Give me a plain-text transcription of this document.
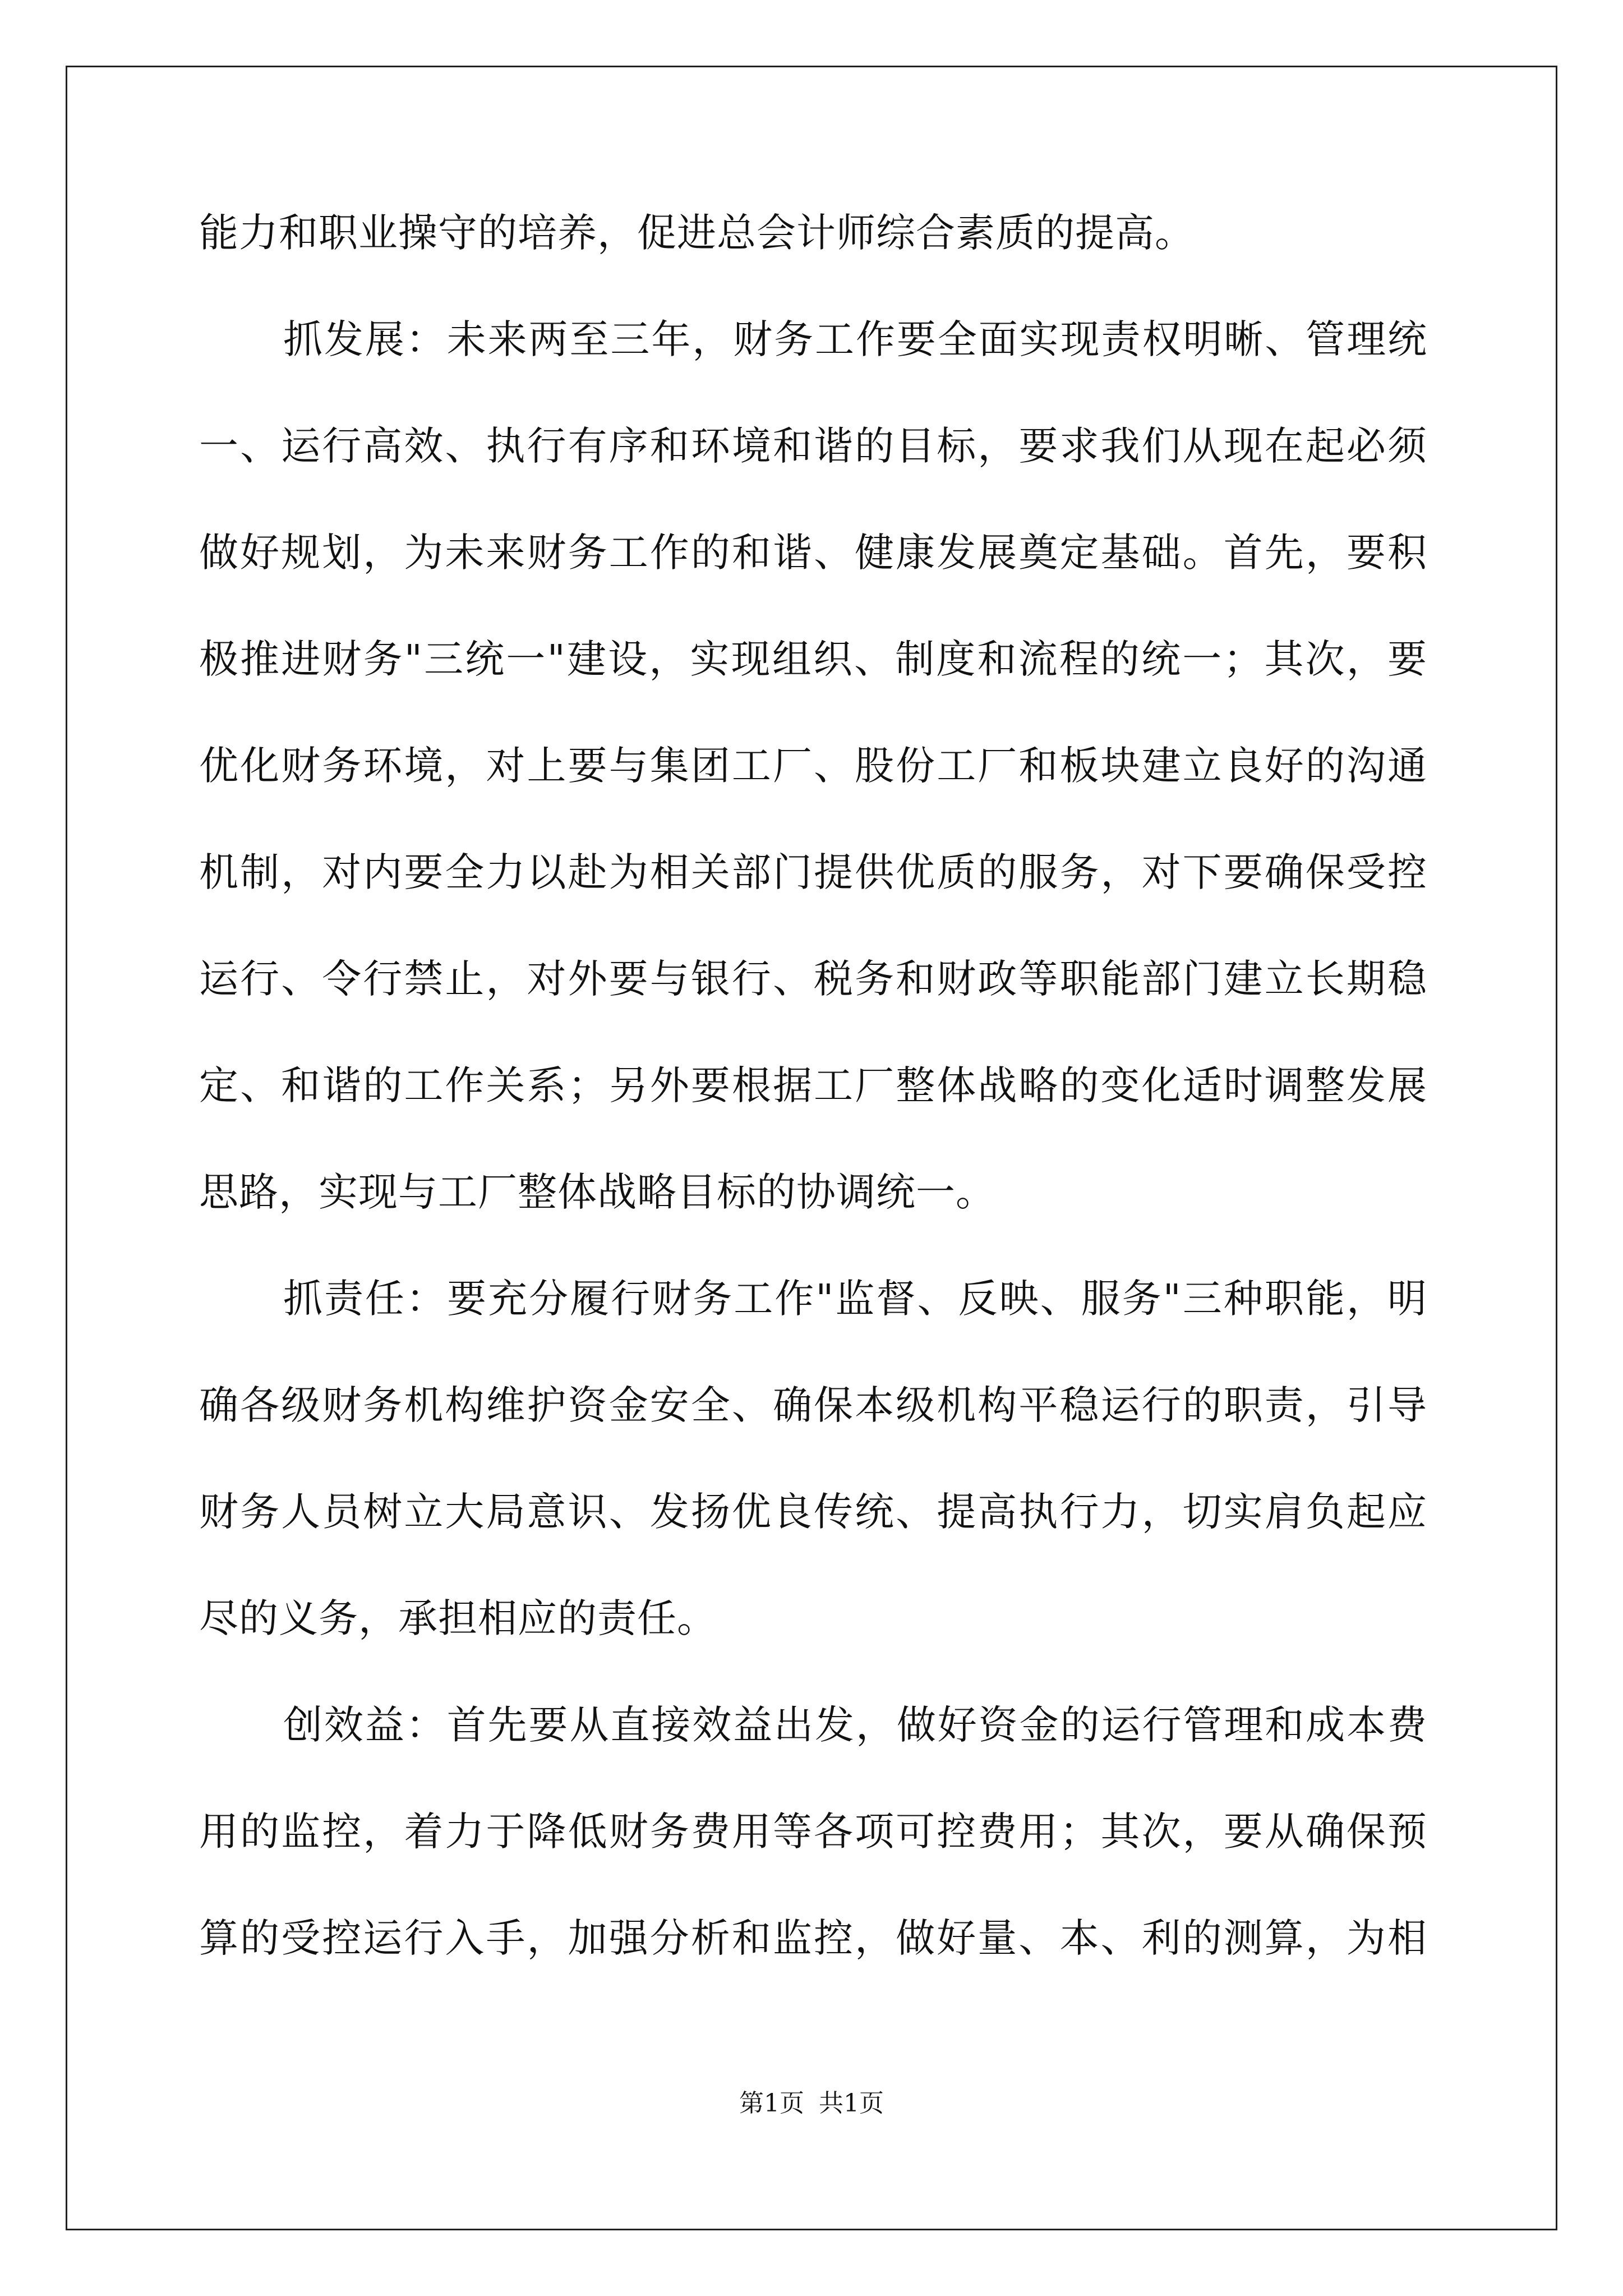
能力和职业操守的培养，促进总会计师综合素质的提高。
抓发展：未来两至三年，财务工作要全面实现责权明晰、管理统
一、运行高效、执行有序和环境和谐的目标，要求我们从现在起必须
做好规划，为未来财务工作的和谐、健康发展奠定基础。首先，要积
极推进财务"三统一"建设，实现组织、制度和流程的统一；其次，要
优化财务环境，对上要与集团工厂、股份工厂和板块建立良好的沟通
机制，对内要全力以赴为相关部门提供优质的服务，对下要确保受控
运行、令行禁止，对外要与银行、税务和财政等职能部门建立长期稳
定、和谐的工作关系；另外要根据工厂整体战略的变化适时调整发展
思路，实现与工厂整体战略目标的协调统一。
抓责任：要充分履行财务工作"监督、反映、服务"三种职能，明
确各级财务机构维护资金安全、确保本级机构平稳运行的职责，引导
财务人员树立大局意识、发扬优良传统、提高执行力，切实肩负起应
尽的义务，承担相应的责任。
创效益：首先要从直接效益出发，做好资金的运行管理和成本费
用的监控，着力于降低财务费用等各项可控费用；其次，要从确保预
算的受控运行入手，加强分析和监控，做好量、本、利的测算，为相
第1页 共1页
